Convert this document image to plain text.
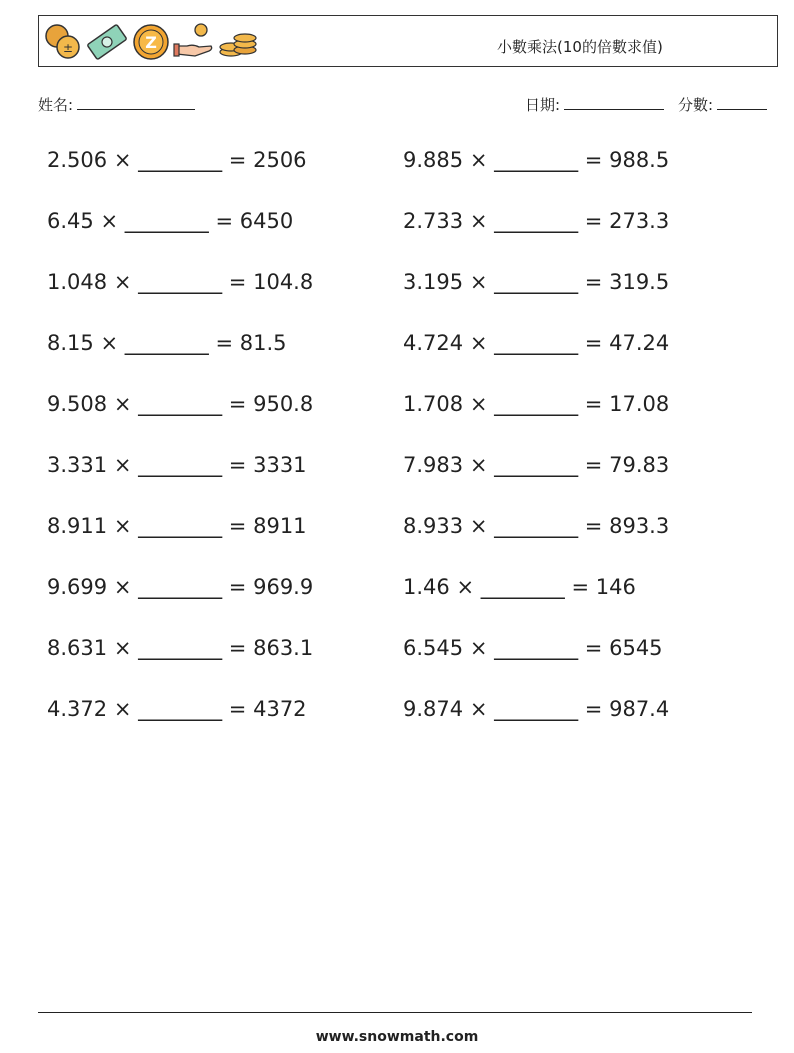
±	Z	小數乘法(10的倍數求值)
姓名:	日期:	分數:
2.506 × ________ = 2506
6.45 × ________ = 6450
1.048 × ________ = 104.8
8.15 × ________ = 81.5
9.508 × ________ = 950.8
3.331 × ________ = 3331
8.911 × ________ = 8911
9.699 × ________ = 969.9
8.631 × ________ = 863.1
4.372 × ________ = 4372
9.885 × ________ = 988.5
2.733 × ________ = 273.3
3.195 × ________ = 319.5
4.724 × ________ = 47.24
1.708 × ________ = 17.08
7.983 × ________ = 79.83
8.933 × ________ = 893.3
1.46 × ________ = 146
6.545 × ________ = 6545
9.874 × ________ = 987.4
www.snowmath.com
